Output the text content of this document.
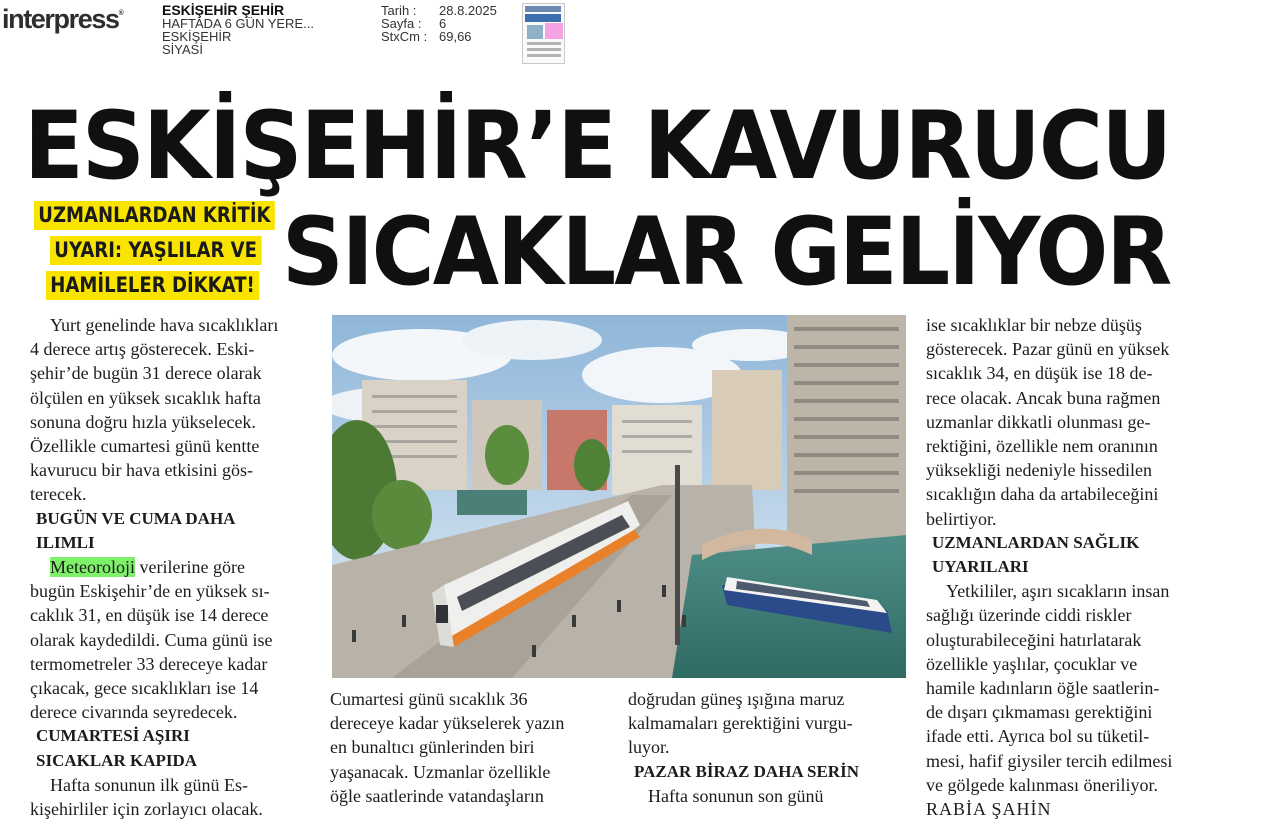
interpress®	ESKİŞEHİR ŞEHİR
HAFTADA 6 GÜN YERE...
ESKİŞEHİR
SİYASİ
Tarih :	28.8.2025
Sayfa :	6
StxCm : 69,66
ESKİŞEHİR’E KAVURUCU
SICAKLAR GELİYOR
UZMANLARDAN KRİTİK
UYARI: YAŞLILAR VE
HAMİLELER DİKKAT!

Yurt genelinde hava sıcaklıkları
4 derece artış gösterecek. Eski-
şehir’de bugün 31 derece olarak
ölçülen en yüksek sıcaklık hafta
sonuna doğru hızla yükselecek.
Özellikle cumartesi günü kentte
kavurucu bir hava etkisini gös-
terecek.

BUGÜN VE CUMA DAHA
ILIMLI

Meteoroloji verilerine göre
bugün Eskişehir’de en yüksek sı-
caklık 31, en düşük ise 14 derece
olarak kaydedildi. Cuma günü ise
termometreler 33 dereceye kadar
çıkacak, gece sıcaklıkları ise 14
derece civarında seyredecek.

CUMARTESİ AŞIRI
SICAKLAR KAPIDA

Hafta sonunun ilk günü Es-
kişehirliler için zorlayıcı olacak.

Cumartesi günü sıcaklık 36
dereceye kadar yükselerek yazın
en bunaltıcı günlerinden biri
yaşanacak. Uzmanlar özellikle
öğle saatlerinde vatandaşların

doğrudan güneş ışığına maruz
kalmamaları gerektiğini vurgu-
luyor.

PAZAR BİRAZ DAHA SERİN

Hafta sonunun son günü

ise sıcaklıklar bir nebze düşüş
gösterecek. Pazar günü en yüksek
sıcaklık 34, en düşük ise 18 de-
rece olacak. Ancak buna rağmen
uzmanlar dikkatli olunması ge-
rektiğini, özellikle nem oranının
yüksekliği nedeniyle hissedilen
sıcaklığın daha da artabileceğini
belirtiyor.

UZMANLARDAN SAĞLIK
UYARILARI

Yetkililer, aşırı sıcakların insan
sağlığı üzerinde ciddi riskler
oluşturabileceğini hatırlatarak
özellikle yaşlılar, çocuklar ve
hamile kadınların öğle saatlerin-
de dışarı çıkmaması gerektiğini
ifade etti. Ayrıca bol su tüketil-
mesi, hafif giysiler tercih edilmesi
ve gölgede kalınması öneriliyor.

RABİA ŞAHİN
